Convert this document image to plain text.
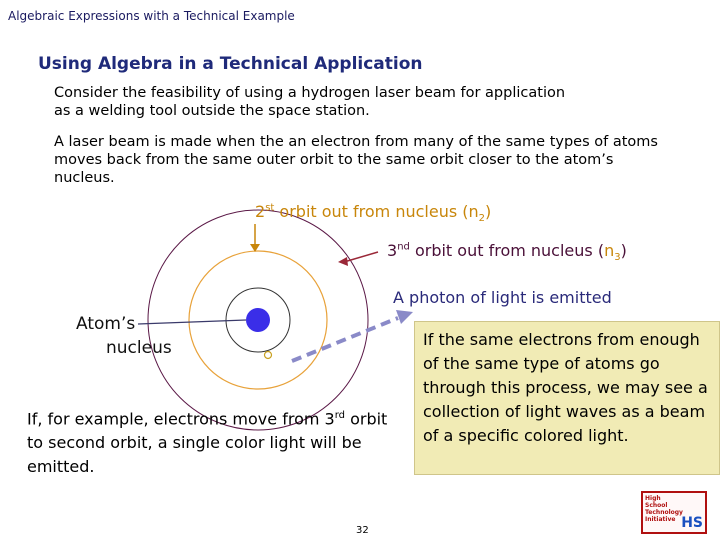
Algebraic Expressions with a Technical Example
Using Algebra in a Technical Application
Consider the feasibility of using a hydrogen laser beam for application as a welding tool outside the space station.
A laser beam is made when the an electron from many of the same types of atoms moves back from the same outer orbit to the same orbit closer to the atom’s nucleus.
2st orbit out from nucleus $(n_2)$
3nd orbit out from nucleus $(n_3)$
A photon of light is emitted
Atom’s
nucleus
If, for example, electrons move from 3rd orbit to second orbit, a single color light will be emitted.
If the same electrons from enough of the same type of atoms go through this process, we may see a collection of light waves as a beam of a specific colored light.
32
High School Technology Initiative HS
